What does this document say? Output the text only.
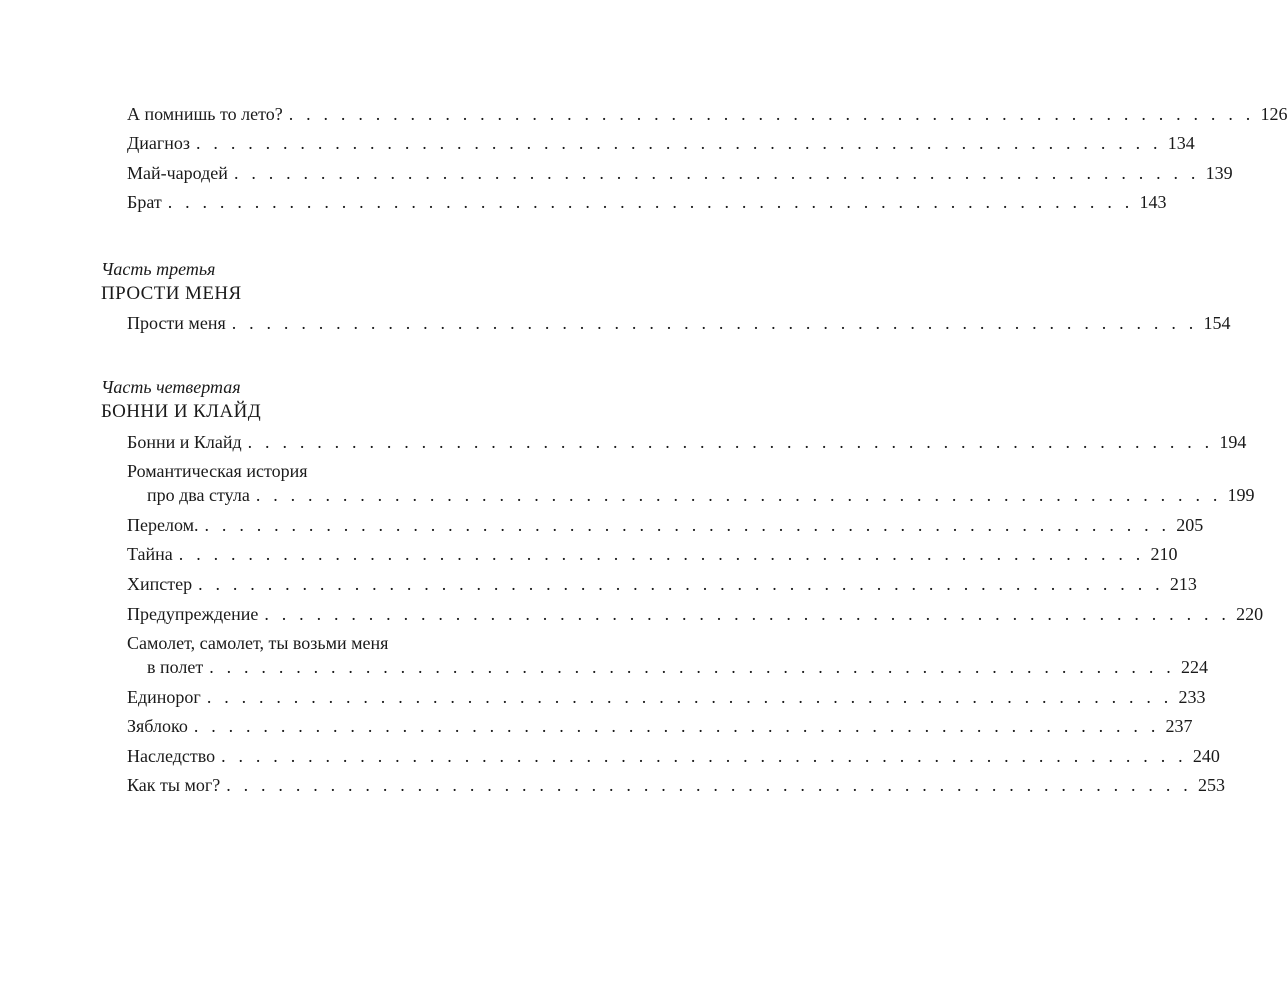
А помнишь то лето? . . . . . . . . . . . . . . . . . . . . . . . . . . . . . . . . . . . . . . . . . . . . . . . . . . . . . . . . 126
Диагноз . . . . . . . . . . . . . . . . . . . . . . . . . . . . . . . . . . . . . . . . . . . . . . . . . . . . . . . . 134
Май-чародей . . . . . . . . . . . . . . . . . . . . . . . . . . . . . . . . . . . . . . . . . . . . . . . . . . . . . . . . 139
Брат . . . . . . . . . . . . . . . . . . . . . . . . . . . . . . . . . . . . . . . . . . . . . . . . . . . . . . . . 143
Часть третья
ПРОСТИ МЕНЯ
Прости меня . . . . . . . . . . . . . . . . . . . . . . . . . . . . . . . . . . . . . . . . . . . . . . . . . . . . . . . . 154
Часть четвертая
БОННИ И КЛАЙД
Бонни и Клайд . . . . . . . . . . . . . . . . . . . . . . . . . . . . . . . . . . . . . . . . . . . . . . . . . . . . . . . . 194
Романтическая история
про два стула . . . . . . . . . . . . . . . . . . . . . . . . . . . . . . . . . . . . . . . . . . . . . . . . . . . . . . . . 199
Перелом. . . . . . . . . . . . . . . . . . . . . . . . . . . . . . . . . . . . . . . . . . . . . . . . . . . . . . . . . 205
Тайна . . . . . . . . . . . . . . . . . . . . . . . . . . . . . . . . . . . . . . . . . . . . . . . . . . . . . . . . 210
Хипстер . . . . . . . . . . . . . . . . . . . . . . . . . . . . . . . . . . . . . . . . . . . . . . . . . . . . . . . . 213
Предупреждение . . . . . . . . . . . . . . . . . . . . . . . . . . . . . . . . . . . . . . . . . . . . . . . . . . . . . . . . 220
Самолет, самолет, ты возьми меня
в полет . . . . . . . . . . . . . . . . . . . . . . . . . . . . . . . . . . . . . . . . . . . . . . . . . . . . . . . . 224
Единорог . . . . . . . . . . . . . . . . . . . . . . . . . . . . . . . . . . . . . . . . . . . . . . . . . . . . . . . . 233
Зяблоко . . . . . . . . . . . . . . . . . . . . . . . . . . . . . . . . . . . . . . . . . . . . . . . . . . . . . . . . 237
Наследство . . . . . . . . . . . . . . . . . . . . . . . . . . . . . . . . . . . . . . . . . . . . . . . . . . . . . . . . 240
Как ты мог? . . . . . . . . . . . . . . . . . . . . . . . . . . . . . . . . . . . . . . . . . . . . . . . . . . . . . . . . 253
